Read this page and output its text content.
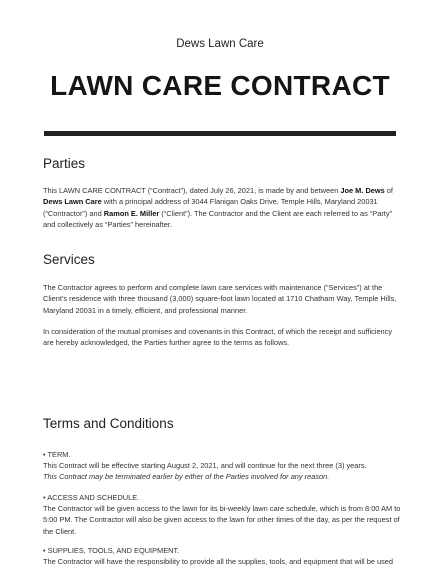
Dews Lawn Care
LAWN CARE CONTRACT
Parties

This LAWN CARE CONTRACT (“Contract”), dated July 26, 2021, is made by and between Joe M. Dews of Dews Lawn Care with a principal address of 3044 Flanigan Oaks Drive, Temple Hills, Maryland 20031 (“Contractor”) and Ramon E. Miller (“Client”). The Contractor and the Client are each referred to as “Party” and collectively as “Parties” hereinafter.

Services

The Contractor agrees to perform and complete lawn care services with maintenance (“Services”) at the Client’s residence with three thousand (3,000) square-foot lawn located at 1710 Chatham Way, Temple Hills, Maryland 20031 in a timely, efficient, and professional manner.

In consideration of the mutual promises and covenants in this Contract, of which the receipt and sufficiency are hereby acknowledged, the Parties further agree to the terms as follows.

Terms and Conditions

• TERM.

This Contract will be effective starting August 2, 2021, and will continue for the next three (3) years.

This Contract may be terminated earlier by either of the Parties involved for any reason.

• ACCESS AND SCHEDULE.

The Contractor will be given access to the lawn for its bi-weekly lawn care schedule, which is from 8:00 AM to 5:00 PM. The Contractor will also be given access to the lawn for other times of the day, as per the request of the Client.

• SUPPLIES, TOOLS, AND EQUIPMENT.

The Contractor will have the responsibility to provide all the supplies, tools, and equipment that will be used
